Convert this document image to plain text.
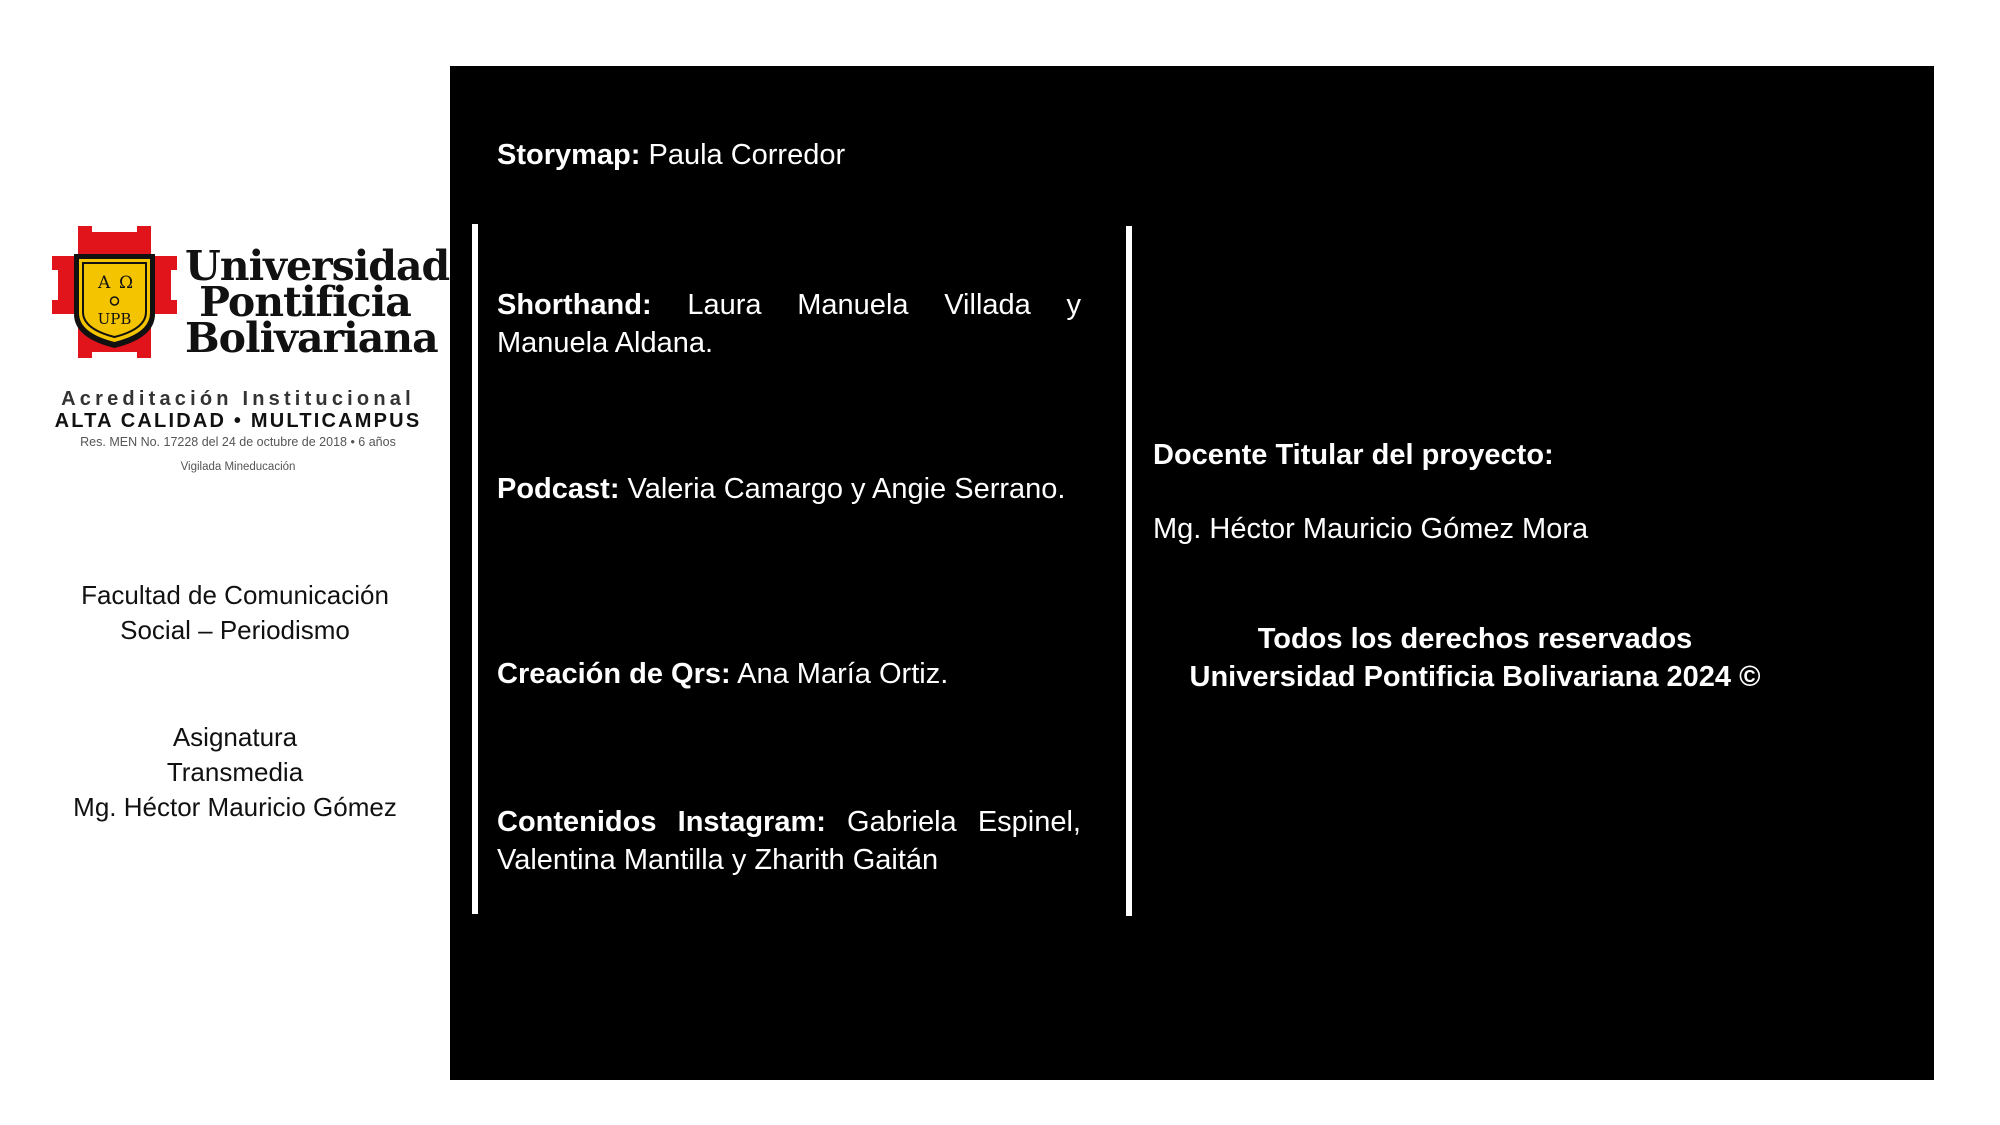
A Ω
UPB
Universidad
Pontificia
Bolivariana
Acreditación Institucional
ALTA CALIDAD • MULTICAMPUS
Res. MEN No. 17228 del 24 de octubre de 2018 • 6 años
Vigilada Mineducación
Facultad de Comunicación
Social – Periodismo
Asignatura
Transmedia
Mg. Héctor Mauricio Gómez
Storymap: Paula Corredor
Shorthand: Laura Manuela Villada y Manuela Aldana.
Podcast: Valeria Camargo y Angie Serrano.
Creación de Qrs: Ana María Ortiz.
Contenidos Instagram: Gabriela Espinel, Valentina Mantilla y Zharith Gaitán
Docente Titular del proyecto:
Mg. Héctor Mauricio Gómez Mora
Todos los derechos reservados
Universidad Pontificia Bolivariana 2024 ©
